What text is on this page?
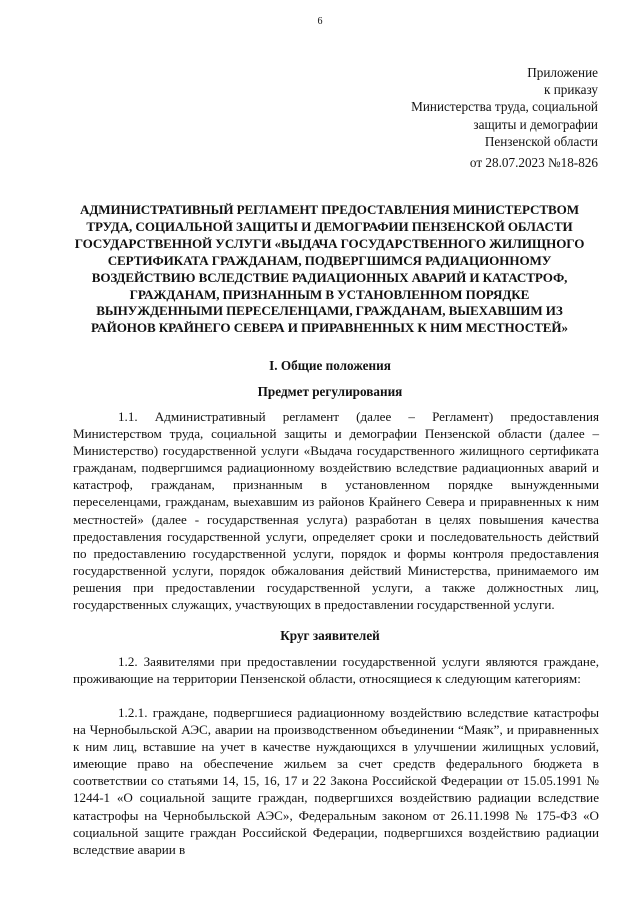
6
Приложение
к приказу
Министерства труда, социальной
защиты и демографии
Пензенской области
от 28.07.2023 №18-826
АДМИНИСТРАТИВНЫЙ РЕГЛАМЕНТ ПРЕДОСТАВЛЕНИЯ МИНИСТЕРСТВОМ ТРУДА, СОЦИАЛЬНОЙ ЗАЩИТЫ И ДЕМОГРАФИИ ПЕНЗЕНСКОЙ ОБЛАСТИ ГОСУДАРСТВЕННОЙ УСЛУГИ «ВЫДАЧА ГОСУДАРСТВЕННОГО ЖИЛИЩНОГО СЕРТИФИКАТА ГРАЖДАНАМ, ПОДВЕРГШИМСЯ РАДИАЦИОННОМУ ВОЗДЕЙСТВИЮ ВСЛЕДСТВИЕ РАДИАЦИОННЫХ АВАРИЙ И КАТАСТРОФ, ГРАЖДАНАМ, ПРИЗНАННЫМ В УСТАНОВЛЕННОМ ПОРЯДКЕ ВЫНУЖДЕННЫМИ ПЕРЕСЕЛЕНЦАМИ, ГРАЖДАНАМ, ВЫЕХАВШИМ ИЗ РАЙОНОВ КРАЙНЕГО СЕВЕРА И ПРИРАВНЕННЫХ К НИМ МЕСТНОСТЕЙ»
I. Общие положения
Предмет регулирования
1.1. Административный регламент (далее – Регламент) предоставления Министерством труда, социальной защиты и демографии Пензенской области (далее – Министерство) государственной услуги «Выдача государственного жилищного сертификата гражданам, подвергшимся радиационному воздействию вследствие радиационных аварий и катастроф, гражданам, признанным в установленном порядке вынужденными переселенцами, гражданам, выехавшим из районов Крайнего Севера и приравненных к ним местностей» (далее - государственная услуга) разработан в целях повышения качества предоставления государственной услуги, определяет сроки и последовательность действий по предоставлению государственной услуги, порядок и формы контроля предоставления государственной услуги, порядок обжалования действий Министерства, принимаемого им решения при предоставлении государственной услуги, а также должностных лиц, государственных служащих, участвующих в предоставлении государственной услуги.
Круг заявителей
1.2. Заявителями при предоставлении государственной услуги являются граждане, проживающие на территории Пензенской области, относящиеся к следующим категориям:
1.2.1. граждане, подвергшиеся радиационному воздействию вследствие катастрофы на Чернобыльской АЭС, аварии на производственном объединении “Маяк”, и приравненных к ним лиц, вставшие на учет в качестве нуждающихся в улучшении жилищных условий, имеющие право на обеспечение жильем за счет средств федерального бюджета в соответствии со статьями 14, 15, 16, 17 и 22 Закона Российской Федерации от 15.05.1991 № 1244-1 «О социальной защите граждан, подвергшихся воздействию радиации вследствие катастрофы на Чернобыльской АЭС», Федеральным законом от 26.11.1998 № 175-ФЗ «О социальной защите граждан Российской Федерации, подвергшихся воздействию радиации вследствие аварии в
